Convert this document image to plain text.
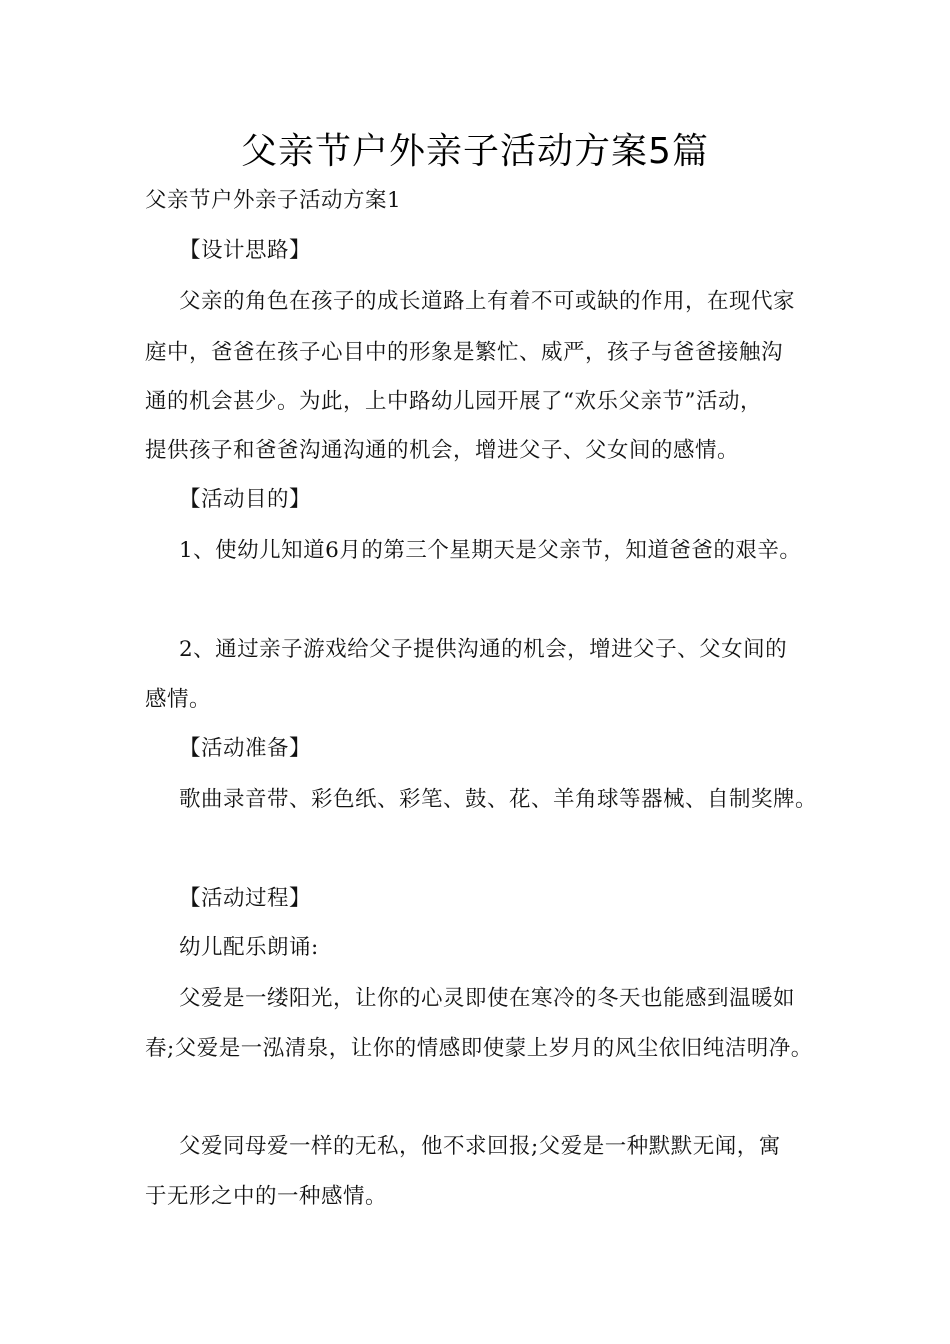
父亲节户外亲子活动方案5篇
父亲节户外亲子活动方案1
【设计思路】
父亲的角色在孩子的成长道路上有着不可或缺的作用，在现代家
庭中，爸爸在孩子心目中的形象是繁忙、威严，孩子与爸爸接触沟
通的机会甚少。为此，上中路幼儿园开展了“欢乐父亲节”活动，
提供孩子和爸爸沟通沟通的机会，增进父子、父女间的感情。
【活动目的】
1、使幼儿知道6月的第三个星期天是父亲节，知道爸爸的艰辛。
2、通过亲子游戏给父子提供沟通的机会，增进父子、父女间的
感情。
【活动准备】
歌曲录音带、彩色纸、彩笔、鼓、花、羊角球等器械、自制奖牌。
【活动过程】
幼儿配乐朗诵:
父爱是一缕阳光，让你的心灵即使在寒冷的冬天也能感到温暖如
春;父爱是一泓清泉，让你的情感即使蒙上岁月的风尘依旧纯洁明净。
父爱同母爱一样的无私，他不求回报;父爱是一种默默无闻，寓
于无形之中的一种感情。
